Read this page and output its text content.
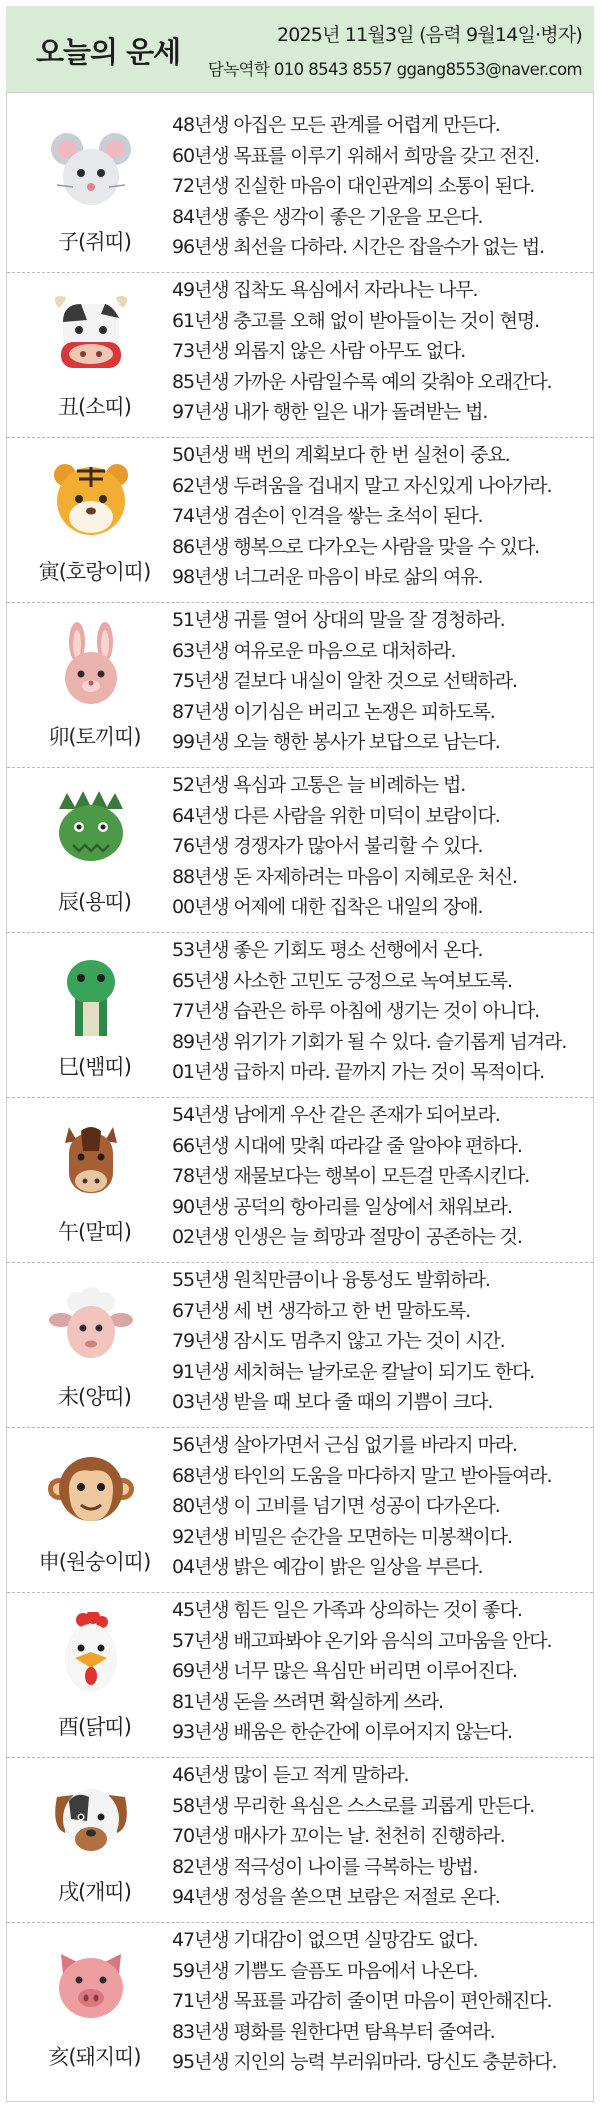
오늘의 운세	2025년 11월3일 (음력 9월14일·병자)
담녹역학 010 8543 8557 ggang8553@naver.com
子(쥐띠)
48년생 아집은 모든 관계를 어렵게 만든다.
60년생 목표를 이루기 위해서 희망을 갖고 전진.
72년생 진실한 마음이 대인관계의 소통이 된다.
84년생 좋은 생각이 좋은 기운을 모은다.
96년생 최선을 다하라. 시간은 잡을수가 없는 법.
丑(소띠)
49년생 집착도 욕심에서 자라나는 나무.
61년생 충고를 오해 없이 받아들이는 것이 현명.
73년생 외롭지 않은 사람 아무도 없다.
85년생 가까운 사람일수록 예의 갖춰야 오래간다.
97년생 내가 행한 일은 내가 돌려받는 법.
寅(호랑이띠)
50년생 백 번의 계획보다 한 번 실천이 중요.
62년생 두려움을 겁내지 말고 자신있게 나아가라.
74년생 겸손이 인격을 쌓는 초석이 된다.
86년생 행복으로 다가오는 사람을 맞을 수 있다.
98년생 너그러운 마음이 바로 삶의 여유.
卯(토끼띠)
51년생 귀를 열어 상대의 말을 잘 경청하라.
63년생 여유로운 마음으로 대처하라.
75년생 겉보다 내실이 알찬 것으로 선택하라.
87년생 이기심은 버리고 논쟁은 피하도록.
99년생 오늘 행한 봉사가 보답으로 남는다.
辰(용띠)
52년생 욕심과 고통은 늘 비례하는 법.
64년생 다른 사람을 위한 미덕이 보람이다.
76년생 경쟁자가 많아서 불리할 수 있다.
88년생 돈 자제하려는 마음이 지혜로운 처신.
00년생 어제에 대한 집착은 내일의 장애.
巳(뱀띠)
53년생 좋은 기회도 평소 선행에서 온다.
65년생 사소한 고민도 긍정으로 녹여보도록.
77년생 습관은 하루 아침에 생기는 것이 아니다.
89년생 위기가 기회가 될 수 있다. 슬기롭게 넘겨라.
01년생 급하지 마라. 끝까지 가는 것이 목적이다.
午(말띠)
54년생 남에게 우산 같은 존재가 되어보라.
66년생 시대에 맞춰 따라갈 줄 알아야 편하다.
78년생 재물보다는 행복이 모든걸 만족시킨다.
90년생 공덕의 항아리를 일상에서 채워보라.
02년생 인생은 늘 희망과 절망이 공존하는 것.
未(양띠)
55년생 원칙만큼이나 융통성도 발휘하라.
67년생 세 번 생각하고 한 번 말하도록.
79년생 잠시도 멈추지 않고 가는 것이 시간.
91년생 세치혀는 날카로운 칼날이 되기도 한다.
03년생 받을 때 보다 줄 때의 기쁨이 크다.
申(원숭이띠)
56년생 살아가면서 근심 없기를 바라지 마라.
68년생 타인의 도움을 마다하지 말고 받아들여라.
80년생 이 고비를 넘기면 성공이 다가온다.
92년생 비밀은 순간을 모면하는 미봉책이다.
04년생 밝은 예감이 밝은 일상을 부른다.
酉(닭띠)
45년생 힘든 일은 가족과 상의하는 것이 좋다.
57년생 배고파봐야 온기와 음식의 고마움을 안다.
69년생 너무 많은 욕심만 버리면 이루어진다.
81년생 돈을 쓰려면 확실하게 쓰라.
93년생 배움은 한순간에 이루어지지 않는다.
戌(개띠)
46년생 많이 듣고 적게 말하라.
58년생 무리한 욕심은 스스로를 괴롭게 만든다.
70년생 매사가 꼬이는 날. 천천히 진행하라.
82년생 적극성이 나이를 극복하는 방법.
94년생 정성을 쏟으면 보람은 저절로 온다.
亥(돼지띠)
47년생 기대감이 없으면 실망감도 없다.
59년생 기쁨도 슬픔도 마음에서 나온다.
71년생 목표를 과감히 줄이면 마음이 편안해진다.
83년생 평화를 원한다면 탐욕부터 줄여라.
95년생 지인의 능력 부러워마라. 당신도 충분하다.
